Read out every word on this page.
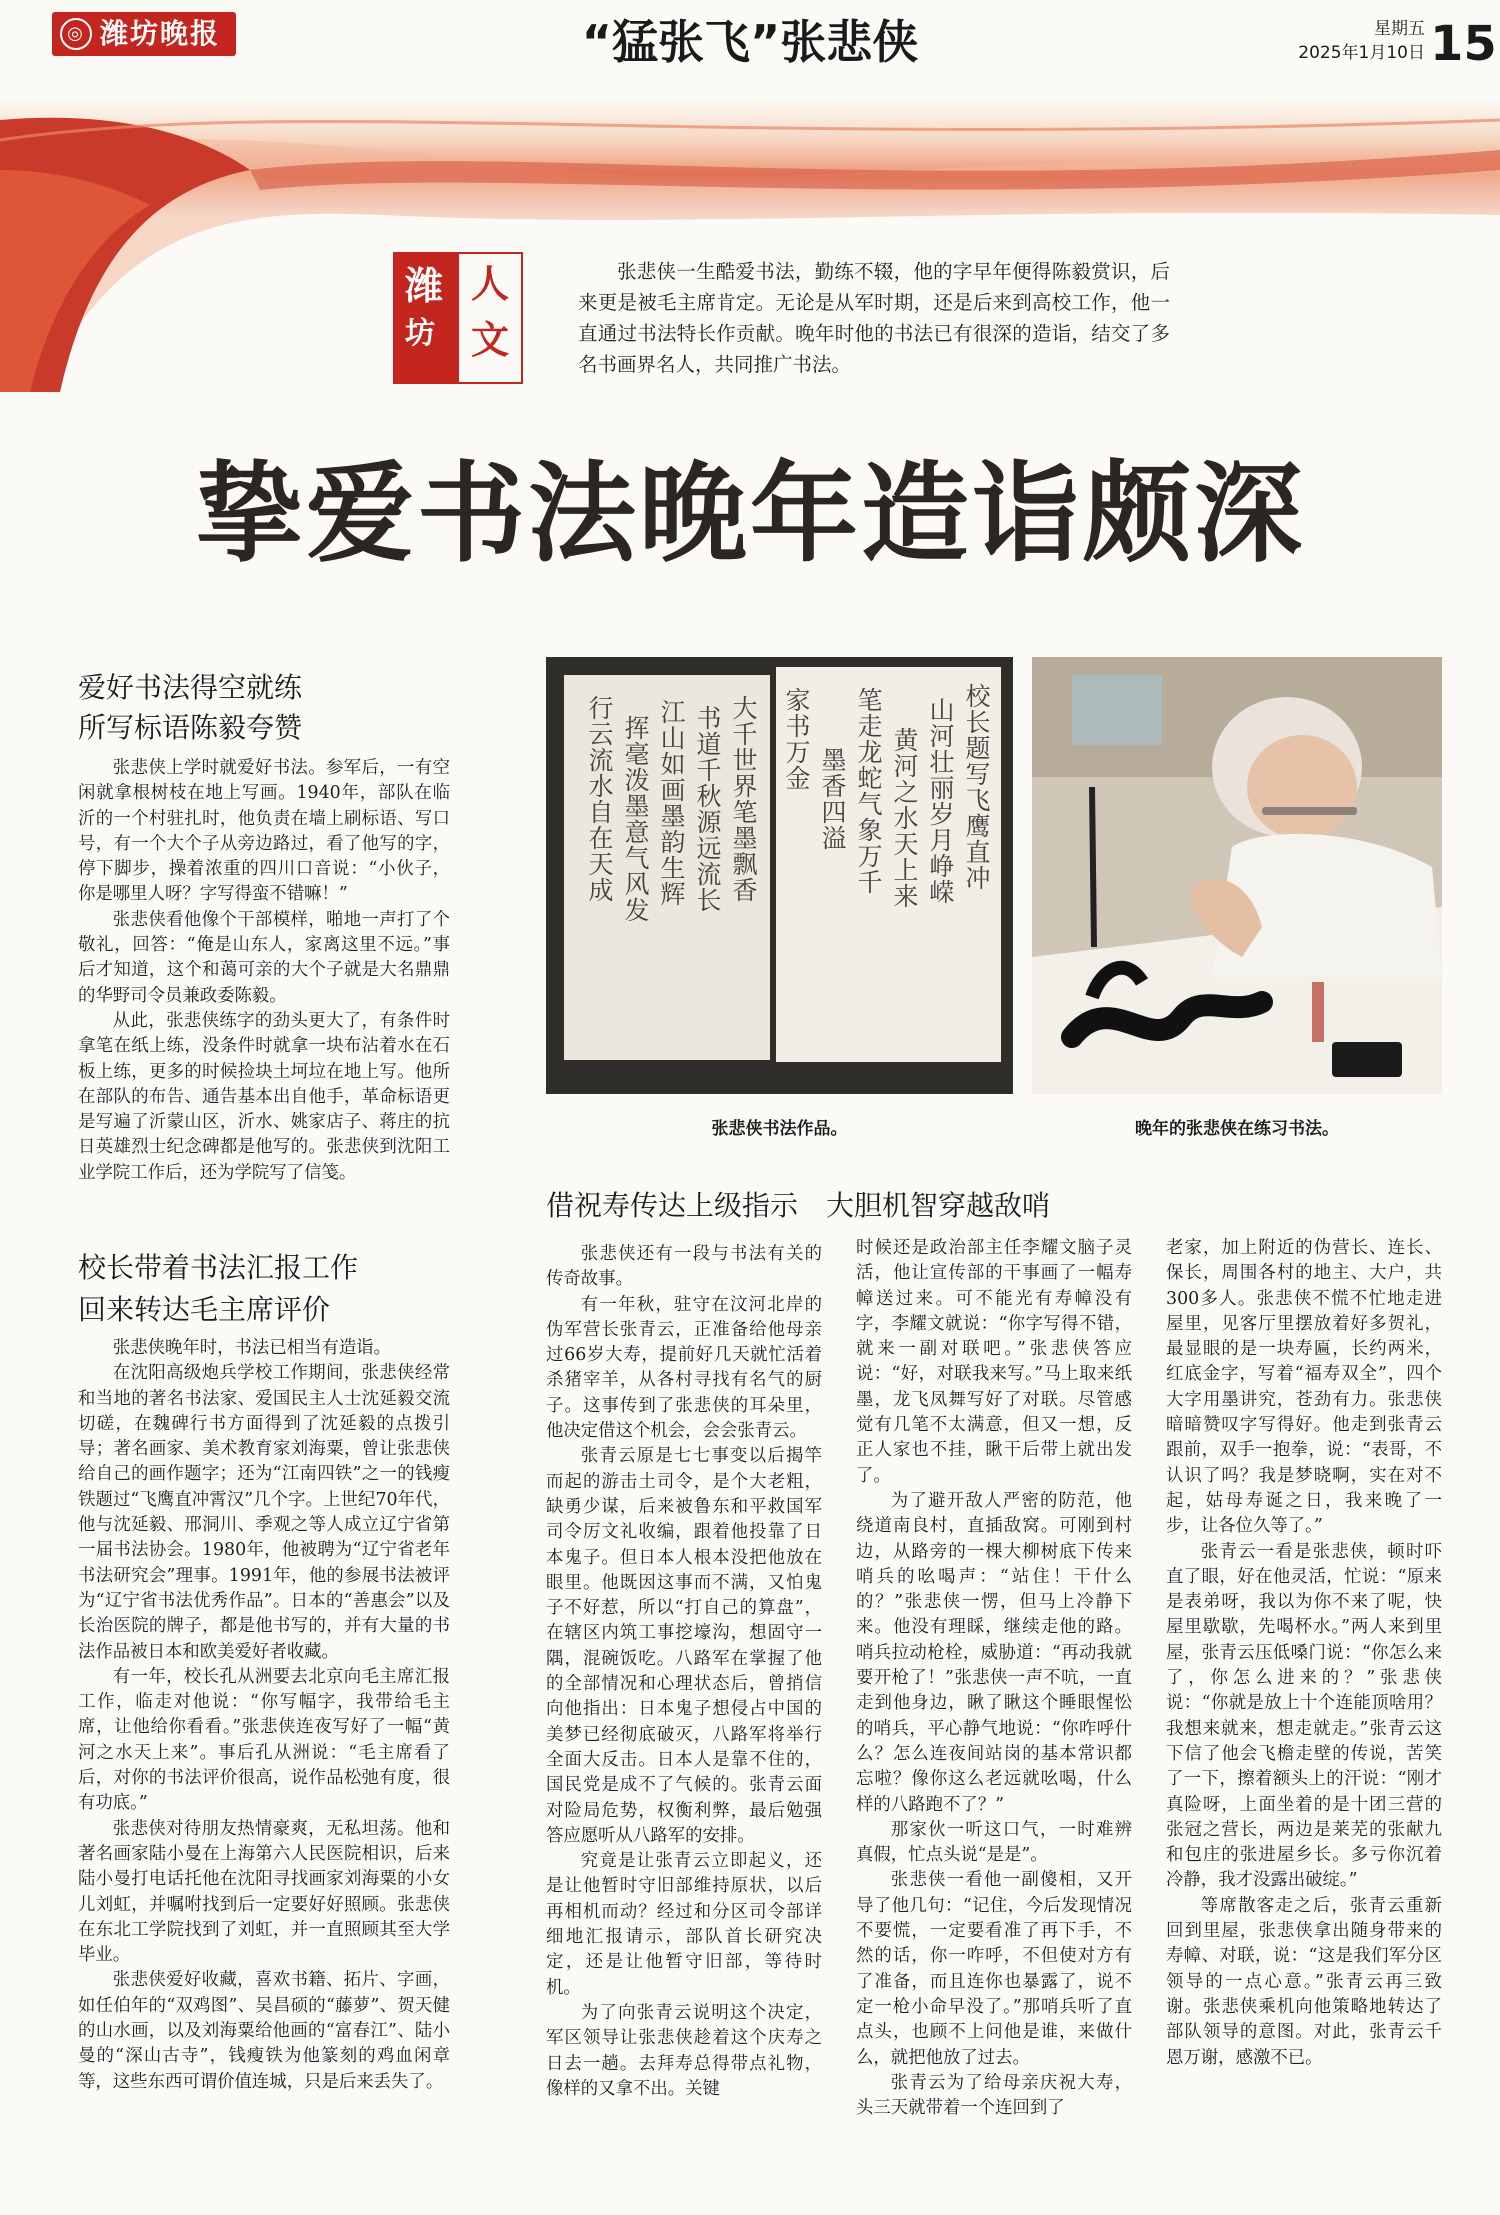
◎ 潍坊晚报	“猛张飞”张悲侠	星期五
2025年1月10日 15
潍
坊
人
文
第二季
张悲侠一生酷爱书法，勤练不辍，他的字早年便得陈毅赏识，后来更是被毛主席肯定。无论是从军时期，还是后来到高校工作，他一直通过书法特长作贡献。晚年时他的书法已有很深的造诣，结交了多名书画界名人，共同推广书法。
挚爱书法晚年造诣颇深
大千世界笔墨飘香
书道千秋源远流长
江山如画墨韵生辉
挥毫泼墨意气风发
行云流水自在天成	校长题写飞鹰直冲
山河壮丽岁月峥嵘
黄河之水天上来
笔走龙蛇气象万千
墨香四溢
家书万金
张悲侠书法作品。	晚年的张悲侠在练习书法。
爱好书法得空就练
所写标语陈毅夸赞

张悲侠上学时就爱好书法。参军后，一有空闲就拿根树枝在地上写画。1940年，部队在临沂的一个村驻扎时，他负责在墙上刷标语、写口号，有一个大个子从旁边路过，看了他写的字，停下脚步，操着浓重的四川口音说：“小伙子，你是哪里人呀？字写得蛮不错嘛！”

张悲侠看他像个干部模样，啪地一声打了个敬礼，回答：“俺是山东人，家离这里不远。”事后才知道，这个和蔼可亲的大个子就是大名鼎鼎的华野司令员兼政委陈毅。

从此，张悲侠练字的劲头更大了，有条件时拿笔在纸上练，没条件时就拿一块布沾着水在石板上练，更多的时候捡块土坷垃在地上写。他所在部队的布告、通告基本出自他手，革命标语更是写遍了沂蒙山区，沂水、姚家店子、蒋庄的抗日英雄烈士纪念碑都是他写的。张悲侠到沈阳工业学院工作后，还为学院写了信笺。

校长带着书法汇报工作
回来转达毛主席评价

张悲侠晚年时，书法已相当有造诣。

在沈阳高级炮兵学校工作期间，张悲侠经常和当地的著名书法家、爱国民主人士沈延毅交流切磋，在魏碑行书方面得到了沈延毅的点拨引导；著名画家、美术教育家刘海粟，曾让张悲侠给自己的画作题字；还为“江南四铁”之一的钱瘦铁题过“飞鹰直冲霄汉”几个字。上世纪70年代，他与沈延毅、邢洞川、季观之等人成立辽宁省第一届书法协会。1980年，他被聘为“辽宁省老年书法研究会”理事。1991年，他的参展书法被评为“辽宁省书法优秀作品”。日本的“善惠会”以及长治医院的牌子，都是他书写的，并有大量的书法作品被日本和欧美爱好者收藏。

有一年，校长孔从洲要去北京向毛主席汇报工作，临走对他说：“你写幅字，我带给毛主席，让他给你看看。”张悲侠连夜写好了一幅“黄河之水天上来”。事后孔从洲说：“毛主席看了后，对你的书法评价很高，说作品松弛有度，很有功底。”

张悲侠对待朋友热情豪爽，无私坦荡。他和著名画家陆小曼在上海第六人民医院相识，后来陆小曼打电话托他在沈阳寻找画家刘海粟的小女儿刘虹，并嘱咐找到后一定要好好照顾。张悲侠在东北工学院找到了刘虹，并一直照顾其至大学毕业。

张悲侠爱好收藏，喜欢书籍、拓片、字画，如任伯年的“双鸡图”、吴昌硕的“藤萝”、贺天健的山水画，以及刘海粟给他画的“富春江”、陆小曼的“深山古寺”，钱瘦铁为他篆刻的鸡血闲章等，这些东西可谓价值连城，只是后来丢失了。

借祝寿传达上级指示　大胆机智穿越敌哨

张悲侠还有一段与书法有关的传奇故事。

有一年秋，驻守在汶河北岸的伪军营长张青云，正准备给他母亲过66岁大寿，提前好几天就忙活着杀猪宰羊，从各村寻找有名气的厨子。这事传到了张悲侠的耳朵里，他决定借这个机会，会会张青云。

张青云原是七七事变以后揭竿而起的游击土司令，是个大老粗，缺勇少谋，后来被鲁东和平救国军司令厉文礼收编，跟着他投靠了日本鬼子。但日本人根本没把他放在眼里。他既因这事而不满，又怕鬼子不好惹，所以“打自己的算盘”，在辖区内筑工事挖壕沟，想固守一隅，混碗饭吃。八路军在掌握了他的全部情况和心理状态后，曾捎信向他指出：日本鬼子想侵占中国的美梦已经彻底破灭，八路军将举行全面大反击。日本人是靠不住的，国民党是成不了气候的。张青云面对险局危势，权衡利弊，最后勉强答应愿听从八路军的安排。

究竟是让张青云立即起义，还是让他暂时守旧部维持原状，以后再相机而动？经过和分区司令部详细地汇报请示，部队首长研究决定，还是让他暂守旧部，等待时机。

为了向张青云说明这个决定，军区领导让张悲侠趁着这个庆寿之日去一趟。去拜寿总得带点礼物，像样的又拿不出。关键

时候还是政治部主任李耀文脑子灵活，他让宣传部的干事画了一幅寿幛送过来。可不能光有寿幛没有字，李耀文就说：“你字写得不错，就来一副对联吧。”张悲侠答应说：“好，对联我来写。”马上取来纸墨，龙飞凤舞写好了对联。尽管感觉有几笔不太满意，但又一想，反正人家也不挂，瞅干后带上就出发了。

为了避开敌人严密的防范，他绕道南良村，直插敌窝。可刚到村边，从路旁的一棵大柳树底下传来哨兵的吆喝声：“站住！干什么的？”张悲侠一愣，但马上冷静下来。他没有理睬，继续走他的路。哨兵拉动枪栓，威胁道：“再动我就要开枪了！”张悲侠一声不吭，一直走到他身边，瞅了瞅这个睡眼惺忪的哨兵，平心静气地说：“你咋呼什么？怎么连夜间站岗的基本常识都忘啦？像你这么老远就吆喝，什么样的八路跑不了？”

那家伙一听这口气，一时难辨真假，忙点头说“是是”。

张悲侠一看他一副傻相，又开导了他几句：“记住，今后发现情况不要慌，一定要看准了再下手，不然的话，你一咋呼，不但使对方有了准备，而且连你也暴露了，说不定一枪小命早没了。”那哨兵听了直点头，也顾不上问他是谁，来做什么，就把他放了过去。

张青云为了给母亲庆祝大寿，头三天就带着一个连回到了

老家，加上附近的伪营长、连长、保长，周围各村的地主、大户，共300多人。张悲侠不慌不忙地走进屋里，见客厅里摆放着好多贺礼，最显眼的是一块寿匾，长约两米，红底金字，写着“福寿双全”，四个大字用墨讲究，苍劲有力。张悲侠暗暗赞叹字写得好。他走到张青云跟前，双手一抱拳，说：“表哥，不认识了吗？我是梦晓啊，实在对不起，姑母寿诞之日，我来晚了一步，让各位久等了。”

张青云一看是张悲侠，顿时吓直了眼，好在他灵活，忙说：“原来是表弟呀，我以为你不来了呢，快屋里歇歇，先喝杯水。”两人来到里屋，张青云压低嗓门说：“你怎么来了，你怎么进来的？”张悲侠说：“你就是放上十个连能顶啥用？我想来就来，想走就走。”张青云这下信了他会飞檐走壁的传说，苦笑了一下，擦着额头上的汗说：“刚才真险呀，上面坐着的是十团三营的张冠之营长，两边是莱芜的张献九和包庄的张进屋乡长。多亏你沉着冷静，我才没露出破绽。”

等席散客走之后，张青云重新回到里屋，张悲侠拿出随身带来的寿幛、对联，说：“这是我们军分区领导的一点心意。”张青云再三致谢。张悲侠乘机向他策略地转达了部队领导的意图。对此，张青云千恩万谢，感激不已。
